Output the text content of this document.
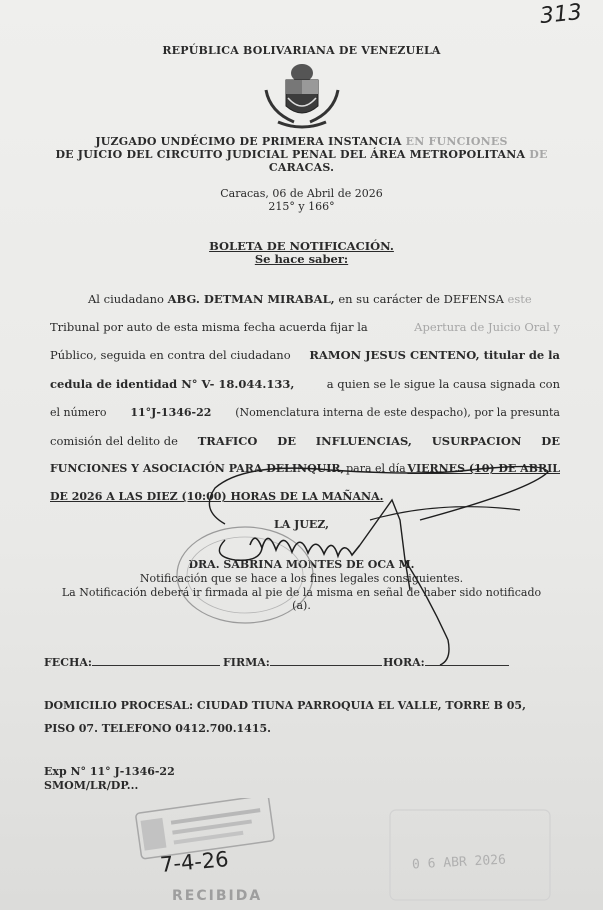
313
REPÚBLICA BOLIVARIANA DE VENEZUELA
JUZGADO UNDÉCIMO DE PRIMERA INSTANCIA EN FUNCIONES
DE JUICIO DEL CIRCUITO JUDICIAL PENAL DEL ÁREA METROPOLITANA DE
CARACAS.
Caracas, 06 de Abril de 2026
215° y 166°
BOLETA DE NOTIFICACIÓN.
Se hace saber:
Al ciudadano ABG. DETMAN MIRABAL, en su carácter de DEFENSA este
Tribunal por auto de esta misma fecha acuerda fijar la	Apertura de Juicio Oral y
Público, seguida en contra del ciudadano RAMON JESUS CENTENO, titular de la
cedula de identidad N° V- 18.044.133,	a quien se le sigue la causa signada con
el número 11°J-1346-22 (Nomenclatura interna de este despacho), por la presunta
comisión del delito de TRAFICO DE INFLUENCIAS, USURPACION DE
FUNCIONES Y ASOCIACIÓN PARA DELINQUIR, para el día VIERNES (10) DE ABRIL
DE 2026 A LAS DIEZ (10:00) HORAS DE LA MAÑANA.
LA JUEZ,
DRA. SABRINA MONTES DE OCA M.
Notificación que se hace a los fines legales consiguientes.
La Notificación deberá ir firmada al pie de la misma en señal de haber sido notificado
(a).
FECHA:	FIRMA:	HORA:
DOMICILIO PROCESAL: CIUDAD TIUNA PARROQUIA EL VALLE, TORRE B 05,
PISO 07. TELEFONO 0412.700.1415.
Exp N° 11° J-1346-22
SMOM/LR/DP...
7-4-26
RECIBIDA
0 6 ABR 2026
